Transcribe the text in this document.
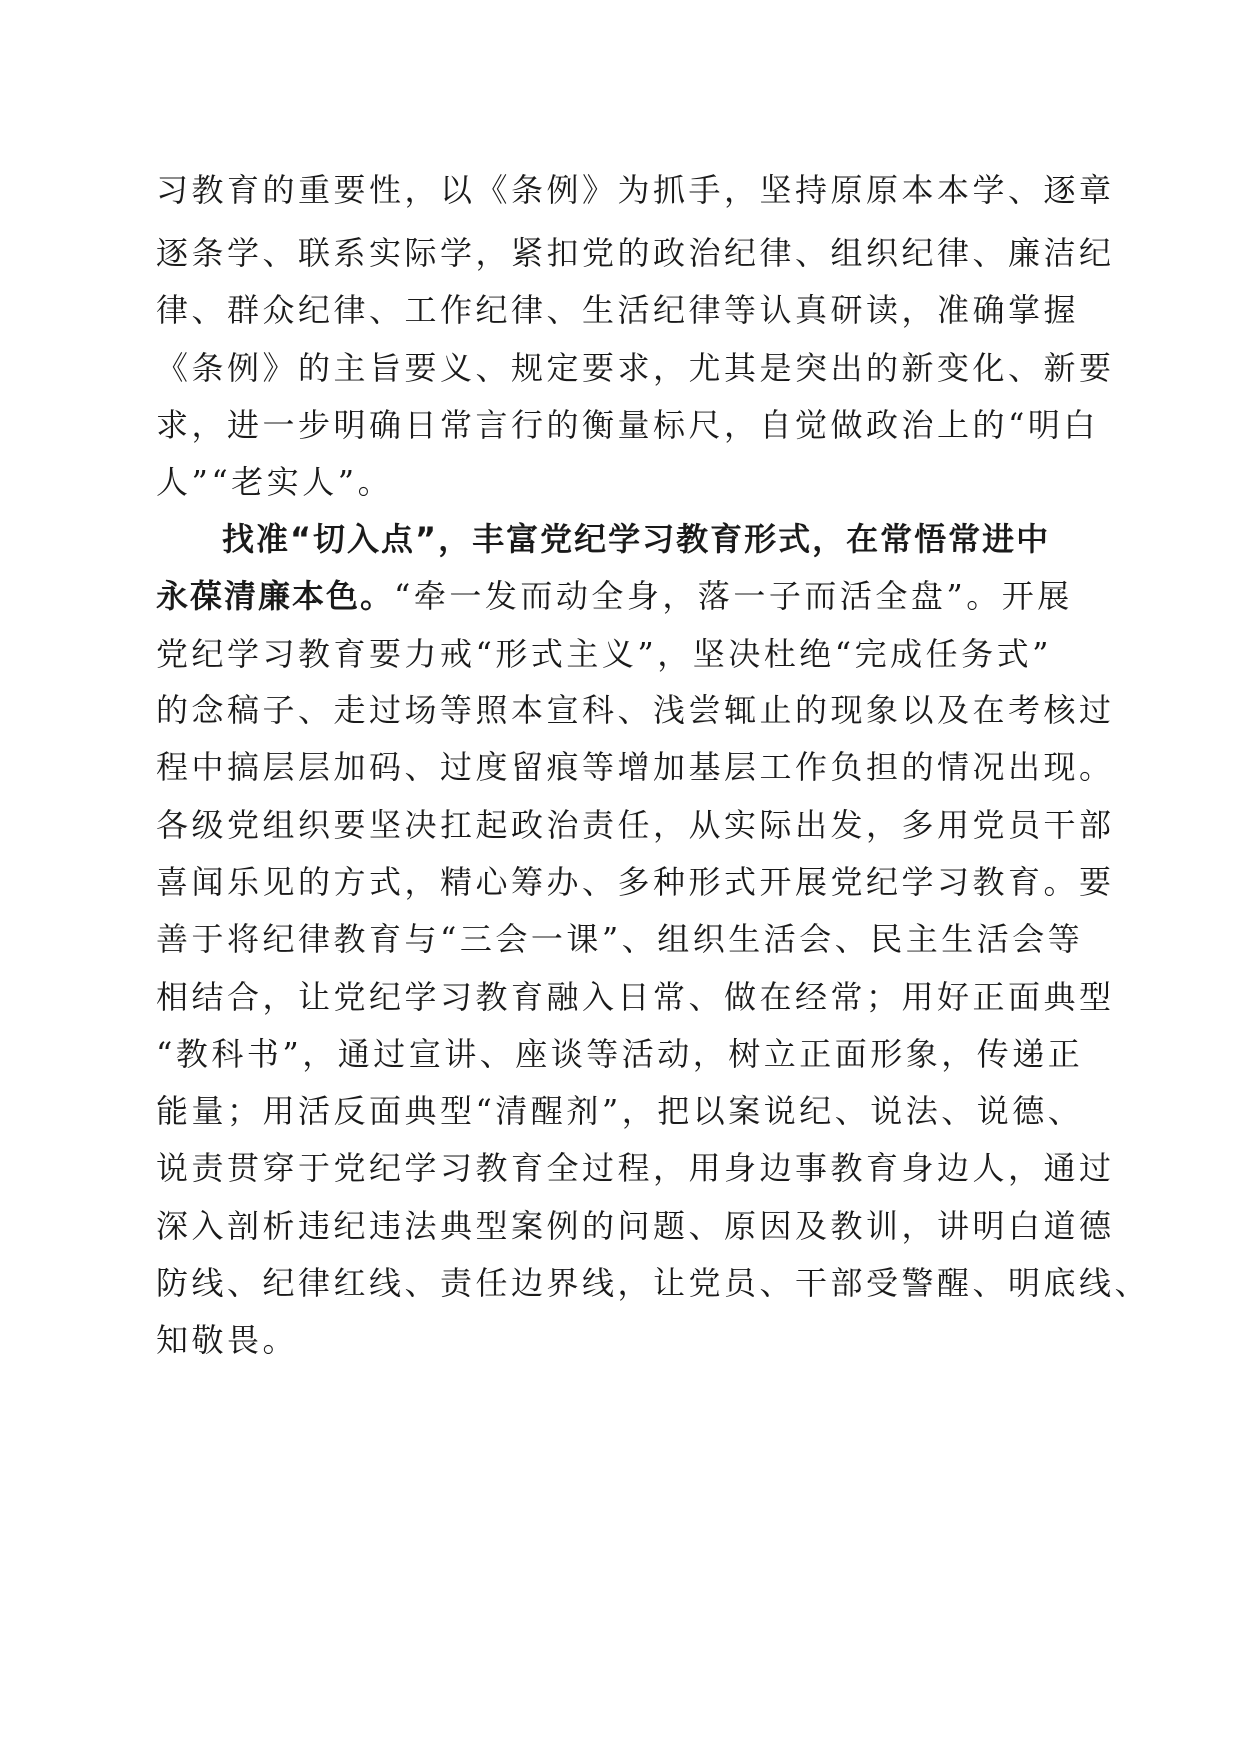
习教育的重要性，以《条例》为抓手，坚持原原本本学、逐章
逐条学、联系实际学，紧扣党的政治纪律、组织纪律、廉洁纪
律、群众纪律、工作纪律、生活纪律等认真研读，准确掌握
《条例》的主旨要义、规定要求，尤其是突出的新变化、新要
求，进一步明确日常言行的衡量标尺，自觉做政治上的“明白
人”“老实人”。
找准“切入点”，丰富党纪学习教育形式，在常悟常进中
永葆清廉本色。“牵一发而动全身，落一子而活全盘”。开展
党纪学习教育要力戒“形式主义”，坚决杜绝“完成任务式”
的念稿子、走过场等照本宣科、浅尝辄止的现象以及在考核过
程中搞层层加码、过度留痕等增加基层工作负担的情况出现。
各级党组织要坚决扛起政治责任，从实际出发，多用党员干部
喜闻乐见的方式，精心筹办、多种形式开展党纪学习教育。要
善于将纪律教育与“三会一课”、组织生活会、民主生活会等
相结合，让党纪学习教育融入日常、做在经常；用好正面典型
“教科书”，通过宣讲、座谈等活动，树立正面形象，传递正
能量；用活反面典型“清醒剂”，把以案说纪、说法、说德、
说责贯穿于党纪学习教育全过程，用身边事教育身边人，通过
深入剖析违纪违法典型案例的问题、原因及教训，讲明白道德
防线、纪律红线、责任边界线，让党员、干部受警醒、明底线、
知敬畏。
